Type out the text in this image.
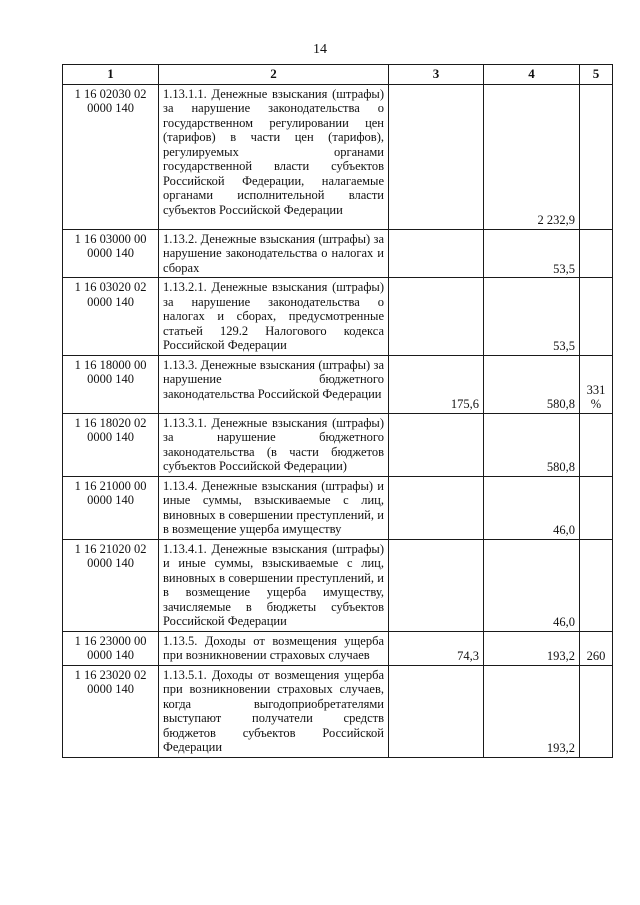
14
1	2	3	4	5
1 16 02030 02 0000 140	1.13.1.1. Денежные взыскания (штрафы) за нарушение законодательства о государственном регулировании цен (тарифов) в части цен (тарифов), регулируемых органами государственной власти субъектов Российской Федерации, налагаемые органами исполнительной власти субъектов Российской Федерации		2 232,9	
1 16 03000 00 0000 140	1.13.2. Денежные взыскания (штрафы) за нарушение законодательства о налогах и сборах		53,5	
1 16 03020 02 0000 140	1.13.2.1. Денежные взыскания (штрафы) за нарушение законодательства о налогах и сборах, предусмотренные статьей 129.2 Налогового кодекса Российской Федерации		53,5	
1 16 18000 00 0000 140	1.13.3. Денежные взыскания (штрафы) за нарушение бюджетного законодательства Российской Федерации	175,6	580,8	331 %
1 16 18020 02 0000 140	1.13.3.1. Денежные взыскания (штрафы) за нарушение бюджетного законодательства (в части бюджетов субъектов Российской Федерации)		580,8	
1 16 21000 00 0000 140	1.13.4. Денежные взыскания (штрафы) и иные суммы, взыскиваемые с лиц, виновных в совершении преступлений, и в возмещение ущерба имуществу		46,0	
1 16 21020 02 0000 140	1.13.4.1. Денежные взыскания (штрафы) и иные суммы, взыскиваемые с лиц, виновных в совершении преступлений, и в возмещение ущерба имуществу, зачисляемые в бюджеты субъектов Российской Федерации		46,0	
1 16 23000 00 0000 140	1.13.5. Доходы от возмещения ущерба при возникновении страховых случаев	74,3	193,2	260
1 16 23020 02 0000 140	1.13.5.1. Доходы от возмещения ущерба при возникновении страховых случаев, когда выгодоприобретателями выступают получатели средств бюджетов субъектов Российской Федерации		193,2	
